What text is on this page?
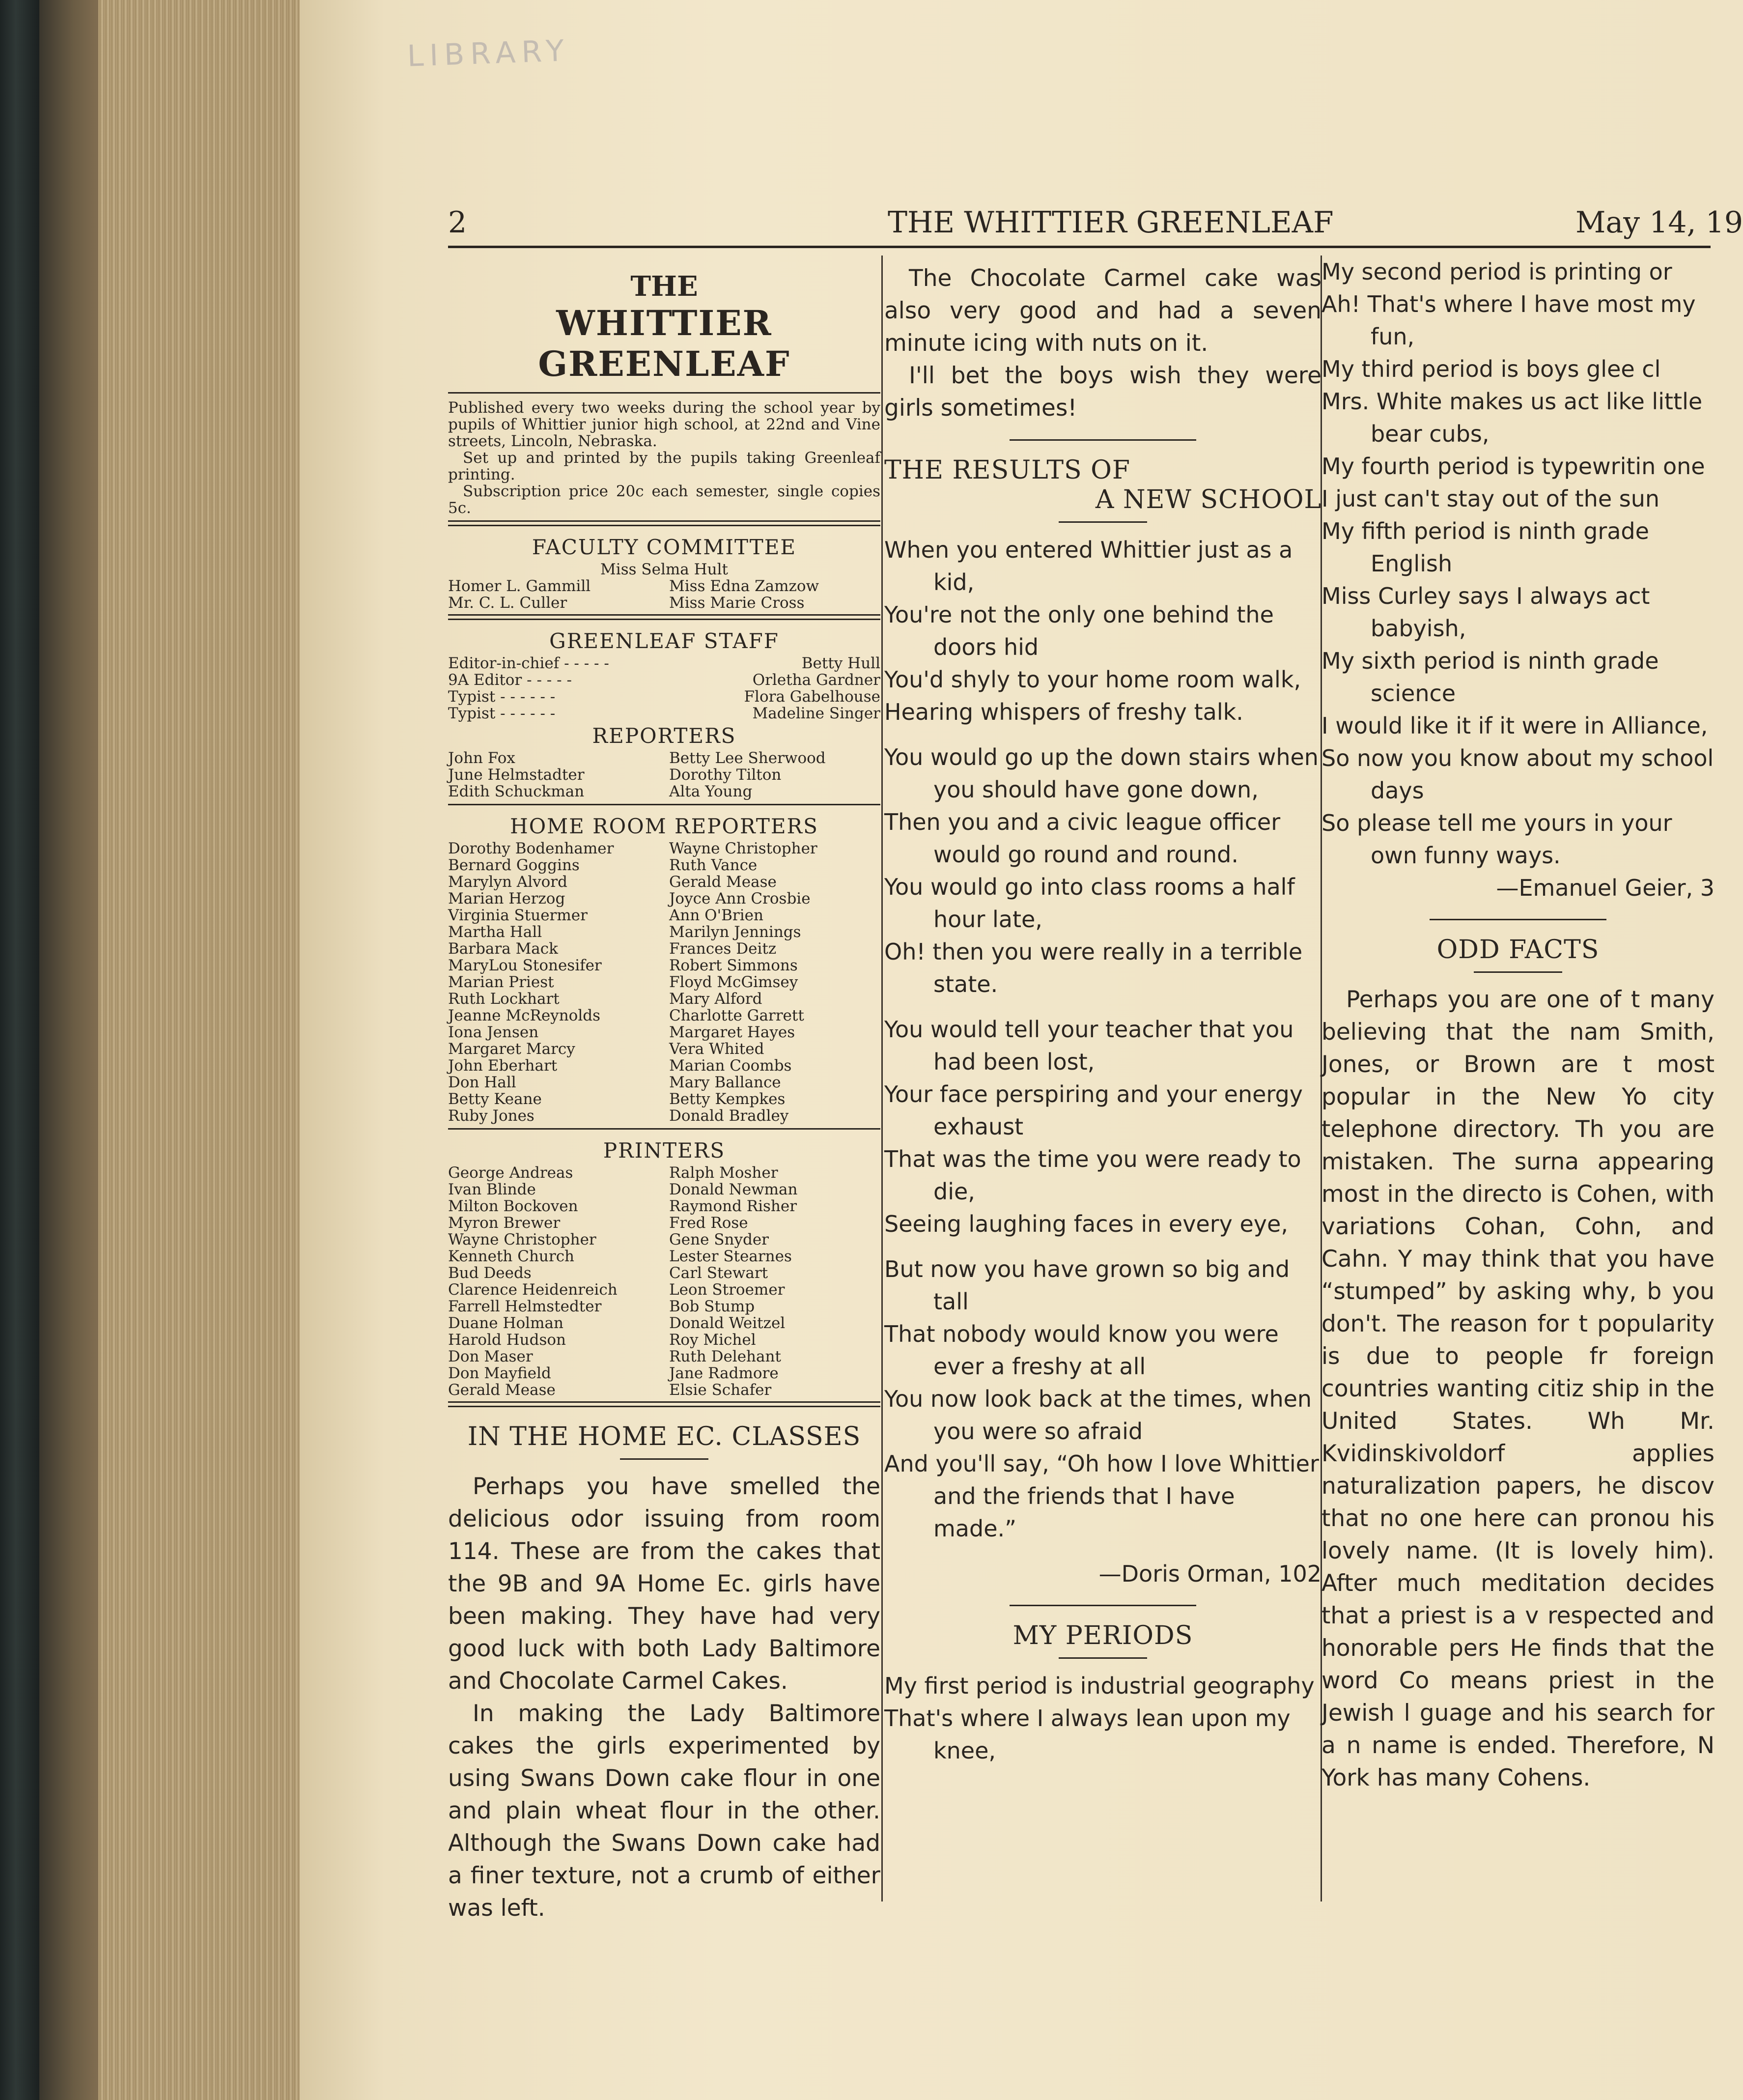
LIBRARY
2	THE WHITTIER GREENLEAF	May 14, 19
THE
WHITTIER GREENLEAF

Published every two weeks during the school year by pupils of Whittier junior high school, at 22nd and Vine streets, Lincoln, Nebraska.

Set up and printed by the pupils taking Greenleaf printing.

Subscription price 20c each semester, single copies 5c.

FACULTY COMMITTEE
Miss Selma Hult
Homer L. Gammill	Miss Edna Zamzow
Mr. C. L. Culler	Miss Marie Cross
GREENLEAF STAFF
Editor-in-chief - - - - -	Betty Hull
9A Editor - - - - -	Orletha Gardner
Typist - - - - - -	Flora Gabelhouse
Typist - - - - - -	Madeline Singer
REPORTERS
John Fox	Betty Lee Sherwood
June Helmstadter	Dorothy Tilton
Edith Schuckman	Alta Young
HOME ROOM REPORTERS
Dorothy Bodenhamer	Wayne Christopher
Bernard Goggins	Ruth Vance
Marylyn Alvord	Gerald Mease
Marian Herzog	Joyce Ann Crosbie
Virginia Stuermer	Ann O'Brien
Martha Hall	Marilyn Jennings
Barbara Mack	Frances Deitz
MaryLou Stonesifer	Robert Simmons
Marian Priest	Floyd McGimsey
Ruth Lockhart	Mary Alford
Jeanne McReynolds	Charlotte Garrett
Iona Jensen	Margaret Hayes
Margaret Marcy	Vera Whited
John Eberhart	Marian Coombs
Don Hall	Mary Ballance
Betty Keane	Betty Kempkes
Ruby Jones	Donald Bradley
PRINTERS
George Andreas	Ralph Mosher
Ivan Blinde	Donald Newman
Milton Bockoven	Raymond Risher
Myron Brewer	Fred Rose
Wayne Christopher	Gene Snyder
Kenneth Church	Lester Stearnes
Bud Deeds	Carl Stewart
Clarence Heidenreich	Leon Stroemer
Farrell Helmstedter	Bob Stump
Duane Holman	Donald Weitzel
Harold Hudson	Roy Michel
Don Maser	Ruth Delehant
Don Mayfield	Jane Radmore
Gerald Mease	Elsie Schafer
IN THE HOME EC. CLASSES

Perhaps you have smelled the delicious odor issuing from room 114. These are from the cakes that the 9B and 9A Home Ec. girls have been making. They have had very good luck with both Lady Baltimore and Chocolate Carmel Cakes.

In making the Lady Baltimore cakes the girls experimented by using Swans Down cake flour in one and plain wheat flour in the other. Although the Swans Down cake had a finer texture, not a crumb of either was left.

The Chocolate Carmel cake was also very good and had a seven minute icing with nuts on it.

I'll bet the boys wish they were girls sometimes!

THE RESULTS OF
A NEW SCHOOL
When you entered Whittier just as a kid,
You're not the only one behind the doors hid
You'd shyly to your home room walk,
Hearing whispers of freshy talk.
You would go up the down stairs when you should have gone down,
Then you and a civic league officer would go round and round.
You would go into class rooms a half hour late,
Oh! then you were really in a terrible state.
You would tell your teacher that you had been lost,
Your face perspiring and your energy exhaust
That was the time you were ready to die,
Seeing laughing faces in every eye,
But now you have grown so big and tall
That nobody would know you were ever a freshy at all
You now look back at the times, when you were so afraid
And you'll say, “Oh how I love Whittier and the friends that I have made.”
—Doris Orman, 102
MY PERIODS
My first period is industrial geography
That's where I always lean upon my knee,
My second period is printing or
Ah! That's where I have most my fun,
My third period is boys glee cl
Mrs. White makes us act like little bear cubs,
My fourth period is typewritin one
I just can't stay out of the sun
My fifth period is ninth grade English
Miss Curley says I always act babyish,
My sixth period is ninth grade science
I would like it if it were in Alliance,
So now you know about my school days
So please tell me yours in your own funny ways.
—Emanuel Geier, 3
ODD FACTS

Perhaps you are one of t many believing that the nam Smith, Jones, or Brown are t most popular in the New Yo city telephone directory. Th you are mistaken. The surna appearing most in the directo is Cohen, with variations Cohan, Cohn, and Cahn. Y may think that you have “stumped” by asking why, b you don't. The reason for t popularity is due to people fr foreign countries wanting citiz ship in the United States. Wh Mr. Kvidinskivoldorf applies naturalization papers, he discov that no one here can pronou his lovely name. (It is lovely him). After much meditation decides that a priest is a v respected and honorable pers He finds that the word Co means priest in the Jewish l guage and his search for a n name is ended. Therefore, N York has many Cohens.
